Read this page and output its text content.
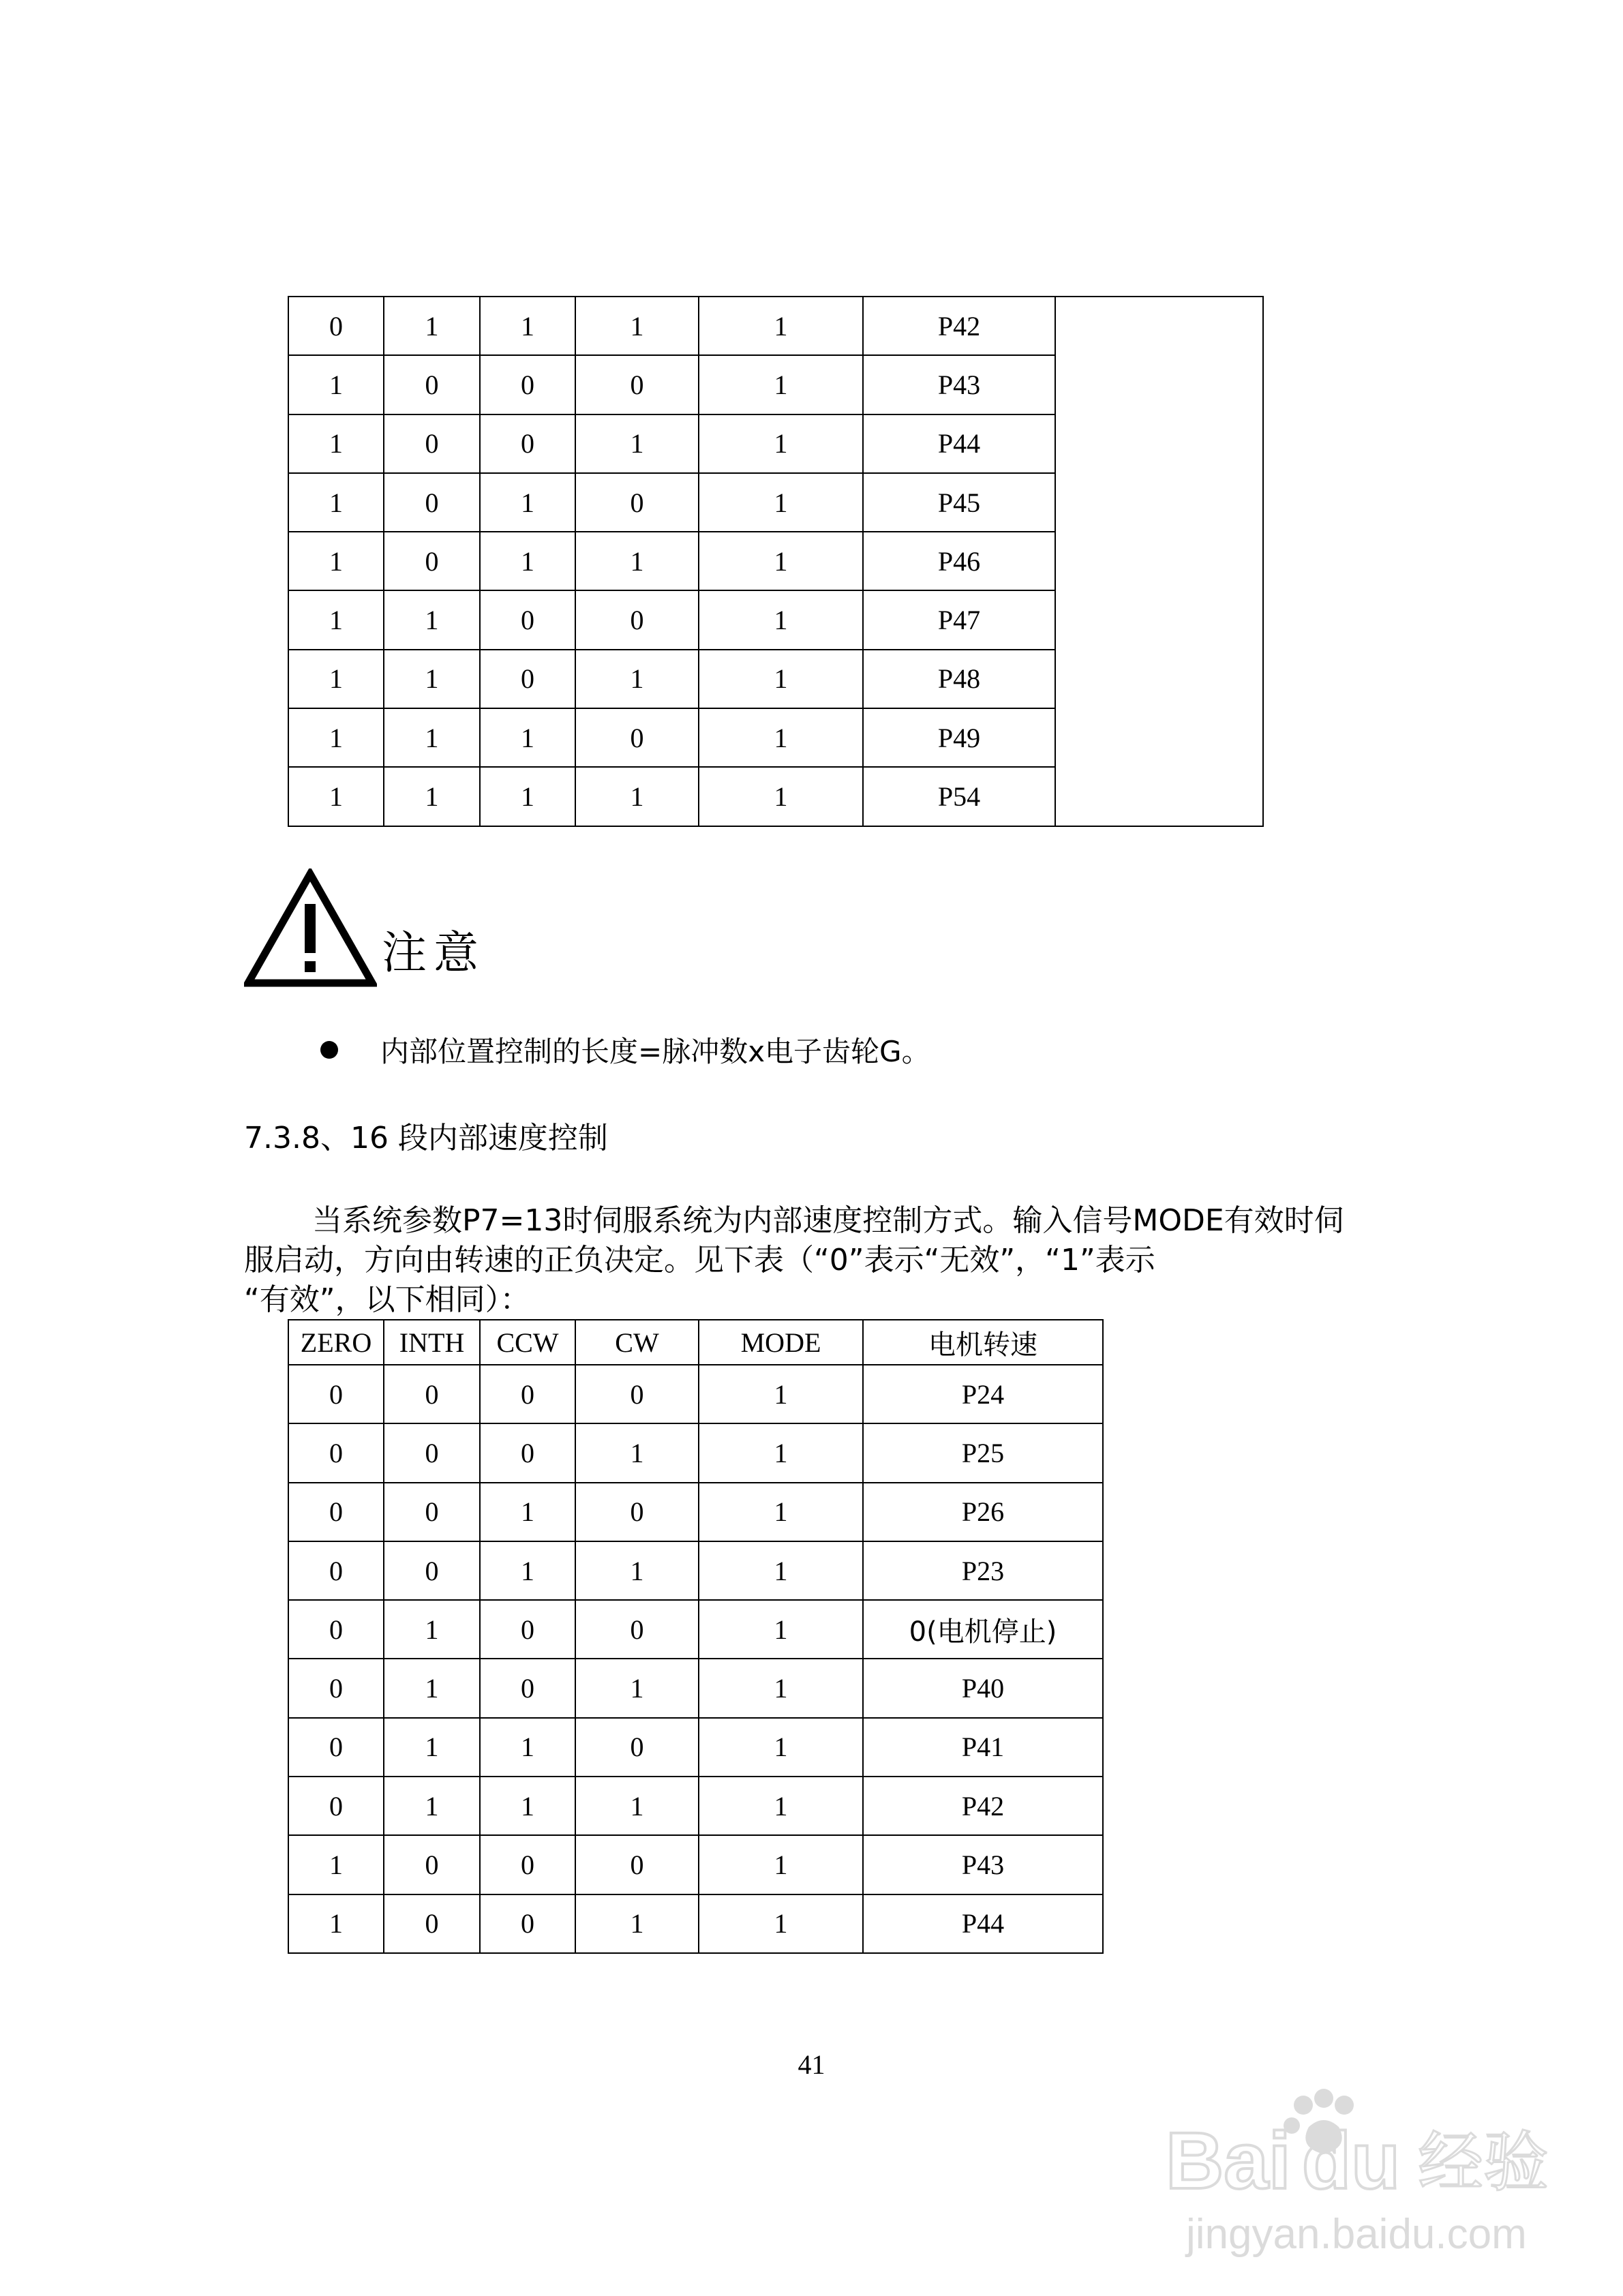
0	1	1	1	1	P42	
1	0	0	0	1	P43	
1	0	0	1	1	P44	
1	0	1	0	1	P45	
1	0	1	1	1	P46	
1	1	0	0	1	P47	
1	1	0	1	1	P48	
1	1	1	0	1	P49	
1	1	1	1	1	P54	
注意
内部位置控制的长度=脉冲数x电子齿轮G。
7.3.8、16 段内部速度控制
当系统参数P7=13时伺服系统为内部速度控制方式。输入信号MODE有效时伺
服启动，方向由转速的正负决定。见下表（“0”表示“无效”，“1”表示
“有效”，以下相同）：
ZERO	INTH	CCW	CW	MODE	电机转速
0	0	0	0	1	P24
0	0	0	1	1	P25
0	0	1	0	1	P26
0	0	1	1	1	P23
0	1	0	0	1	0(电机停止)
0	1	0	1	1	P40
0	1	1	0	1	P41
0	1	1	1	1	P42
1	0	0	0	1	P43
1	0	0	1	1	P44
41
Bai du 经验
jingyan.baidu.com
